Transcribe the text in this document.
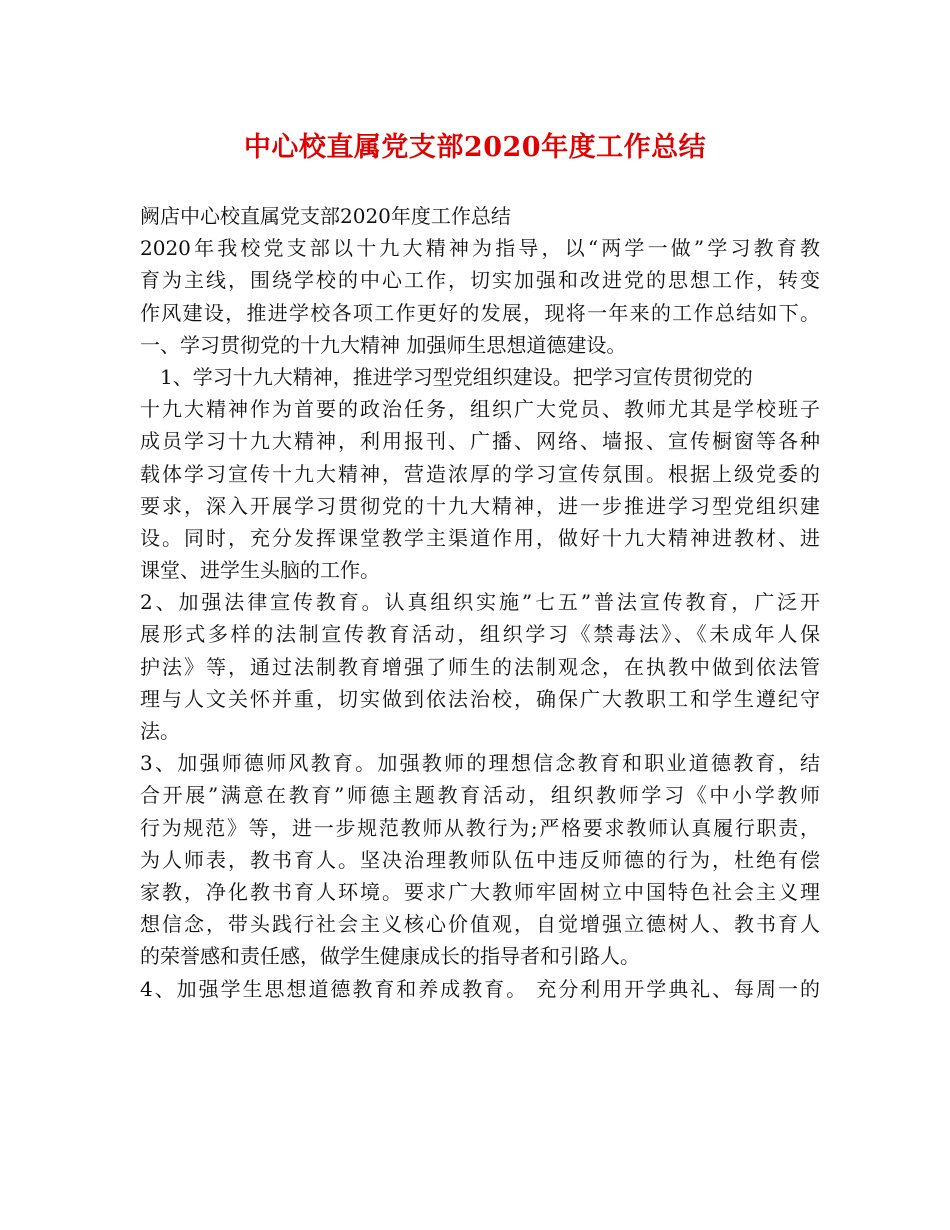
中心校直属党支部2020年度工作总结
阙店中心校直属党支部2020年度工作总结
2020年我校党支部以十九大精神为指导，以“两学一做”学习教育教
育为主线，围绕学校的中心工作，切实加强和改进党的思想工作，转变
作风建设，推进学校各项工作更好的发展，现将一年来的工作总结如下。
一、学习贯彻党的十九大精神 加强师生思想道德建设。
1、学习十九大精神，推进学习型党组织建设。把学习宣传贯彻党的
十九大精神作为首要的政治任务，组织广大党员、教师尤其是学校班子
成员学习十九大精神，利用报刊、广播、网络、墙报、宣传橱窗等各种
载体学习宣传十九大精神，营造浓厚的学习宣传氛围。根据上级党委的
要求，深入开展学习贯彻党的十九大精神，进一步推进学习型党组织建
设。同时，充分发挥课堂教学主渠道作用，做好十九大精神进教材、进
课堂、进学生头脑的工作。
2、加强法律宣传教育。认真组织实施”七五”普法宣传教育，广泛开
展形式多样的法制宣传教育活动，组织学习《禁毒法》、《未成年人保
护法》等，通过法制教育增强了师生的法制观念，在执教中做到依法管
理与人文关怀并重，切实做到依法治校，确保广大教职工和学生遵纪守
法。
3、加强师德师风教育。加强教师的理想信念教育和职业道德教育，结
合开展”满意在教育”师德主题教育活动，组织教师学习《中小学教师
行为规范》等，进一步规范教师从教行为;严格要求教师认真履行职责，
为人师表，教书育人。坚决治理教师队伍中违反师德的行为，杜绝有偿
家教，净化教书育人环境。要求广大教师牢固树立中国特色社会主义理
想信念，带头践行社会主义核心价值观，自觉增强立德树人、教书育人
的荣誉感和责任感，做学生健康成长的指导者和引路人。
4、加强学生思想道德教育和养成教育。 充分利用开学典礼、每周一的
